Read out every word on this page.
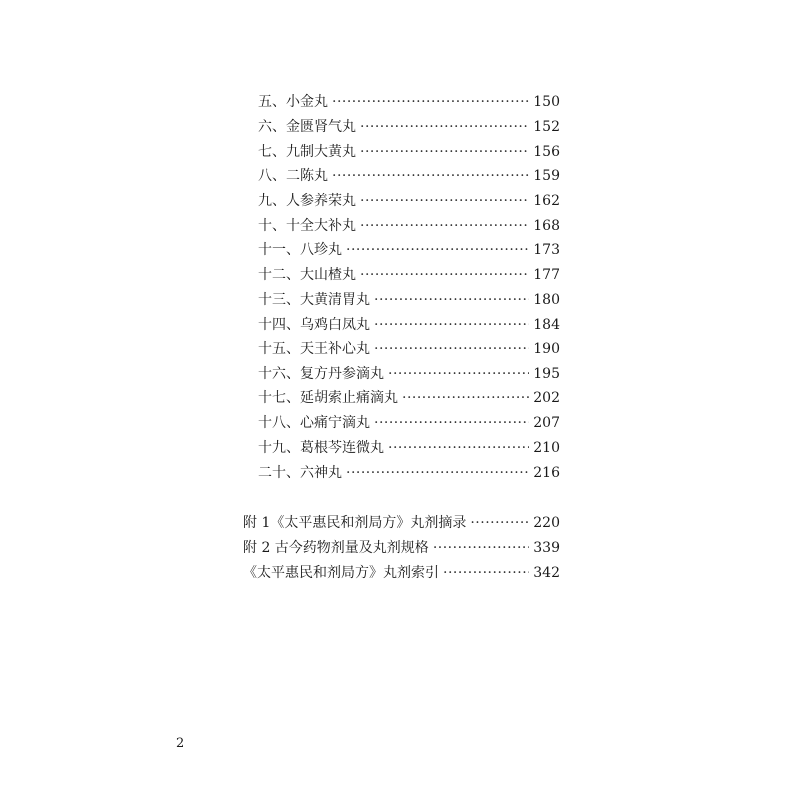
五、小金丸 ·····	150
六、金匮肾气丸 ·····	152
七、九制大黄丸 ·····	156
八、二陈丸 ·····	159
九、人参养荣丸 ·····	162
十、十全大补丸 ·····	168
十一、八珍丸 ·····	173
十二、大山楂丸 ·····	177
十三、大黄清胃丸 ·····	180
十四、乌鸡白凤丸 ·····	184
十五、天王补心丸 ·····	190
十六、复方丹参滴丸 ·····	195
十七、延胡索止痛滴丸 ·····	202
十八、心痛宁滴丸 ·····	207
十九、葛根芩连微丸 ·····	210
二十、六神丸 ·····	216
附 1《太平惠民和剂局方》丸剂摘录 ·····	220
附 2 古今药物剂量及丸剂规格 ·····	339
《太平惠民和剂局方》丸剂索引 ·····	342
2
